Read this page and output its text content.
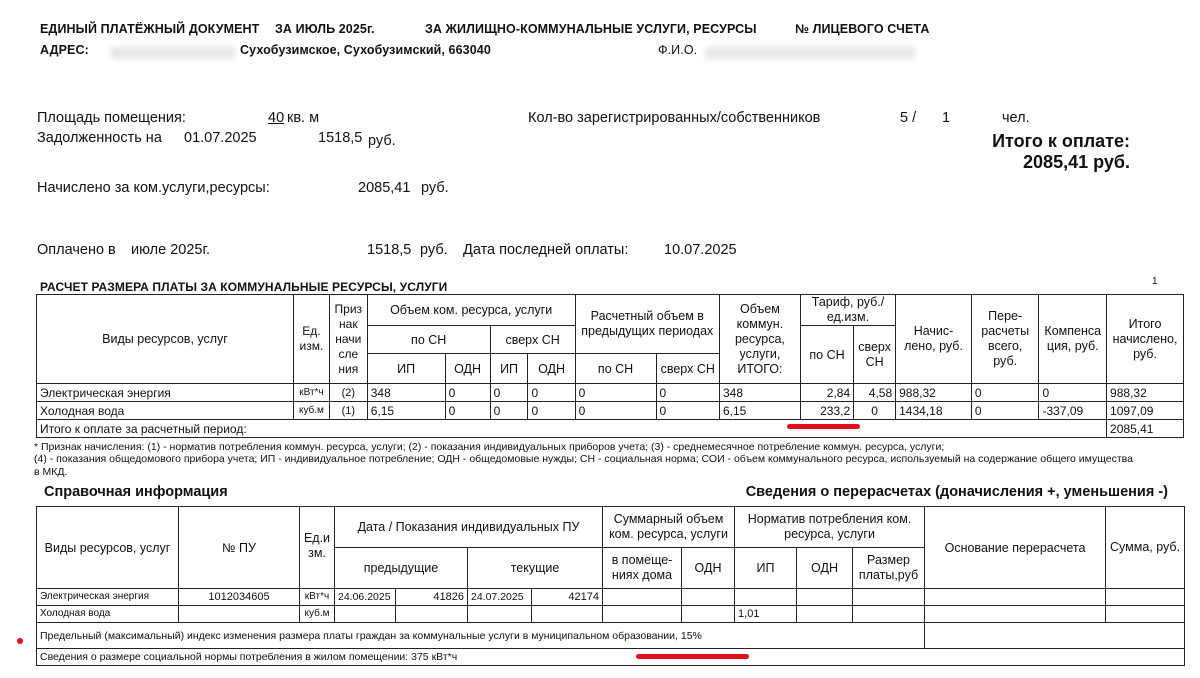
ЕДИНЫЙ ПЛАТЁЖНЫЙ ДОКУМЕНТ ЗА ИЮЛЬ 2025г.	ЗА ЖИЛИЩНО-КОММУНАЛЬНЫЕ УСЛУГИ, РЕСУРСЫ	№ ЛИЦЕВОГО СЧЕТА
АДРЕС:	Сухобузимское, Сухобузимский, 663040	Ф.И.О.
Площадь помещения:	40 кв. м
Задолженность на 01.07.2025	1518,5 руб.
Кол-во зарегистрированных/собственников	5 / 1	чел.
Итого к оплате:
2085,41 руб.
Начислено за ком.услуги,ресурсы:	2085,41 руб.
Оплачено в июле 2025г.	1518,5 руб. Дата последней оплаты: 10.07.2025
РАСЧЕТ РАЗМЕРА ПЛАТЫ ЗА КОММУНАЛЬНЫЕ РЕСУРСЫ, УСЛУГИ	1
Виды ресурсов, услуг	Ед. изм.	Приз нак начи сле ния	Объем ком. ресурса, услуги				Расчетный объем в предыдущих периодах		Объем коммун. ресурса, услуги, ИТОГО:	Тариф, руб./ед.изм.		Начис- лено, руб.	Пере- расчеты всего, руб.	Компенса ция, руб.	Итого начислено, руб.
			по СН		сверх СН					по СН	сверх СН				
			ИП	ОДН	ИП	ОДН	по СН	сверх СН							
Электрическая энергия	кВт*ч	(2)	348	0	0	0	0	0	348	2,84	4,58	988,32	0	0	988,32
Холодная вода	куб.м	(1)	6,15	0	0	0	0	0	6,15	233,2	0	1434,18	0	-337,09	1097,09
Итого к оплате за расчетный период:															2085,41
* Признак начисления: (1) - норматив потребления коммун. ресурса, услуги; (2) - показания индивидуальных приборов учета; (3) - среднемесячное потребление коммун. ресурса, услуги;
(4) - показания общедомового прибора учета; ИП - индивидуальное потребление; ОДН - общедомовые нужды; СН - социальная норма; СОИ - объем коммунального ресурса, используемый на содержание общего имущества
в МКД.
Справочная информация	Сведения о перерасчетах (доначисления +, уменьшения -)
Виды ресурсов, услуг	№ ПУ	Ед.и зм.	Дата / Показания индивидуальных ПУ				Суммарный объем ком. ресурса, услуги		Норматив потребления ком. ресурса, услуги			Основание перерасчета	Сумма, руб.
			предыдущие		текущие		в помеще- ниях дома	ОДН	ИП	ОДН	Размер платы,руб		
Электрическая энергия	1012034605	кВт*ч	24.06.2025	41826	24.07.2025	42174							
Холодная вода		куб.м							1,01				
Предельный (максимальный) индекс изменения размера платы граждан за коммунальные услуги в муниципальном образовании, 15%													
Сведения о размере социальной нормы потребления в жилом помещении: 375 кВт*ч													
